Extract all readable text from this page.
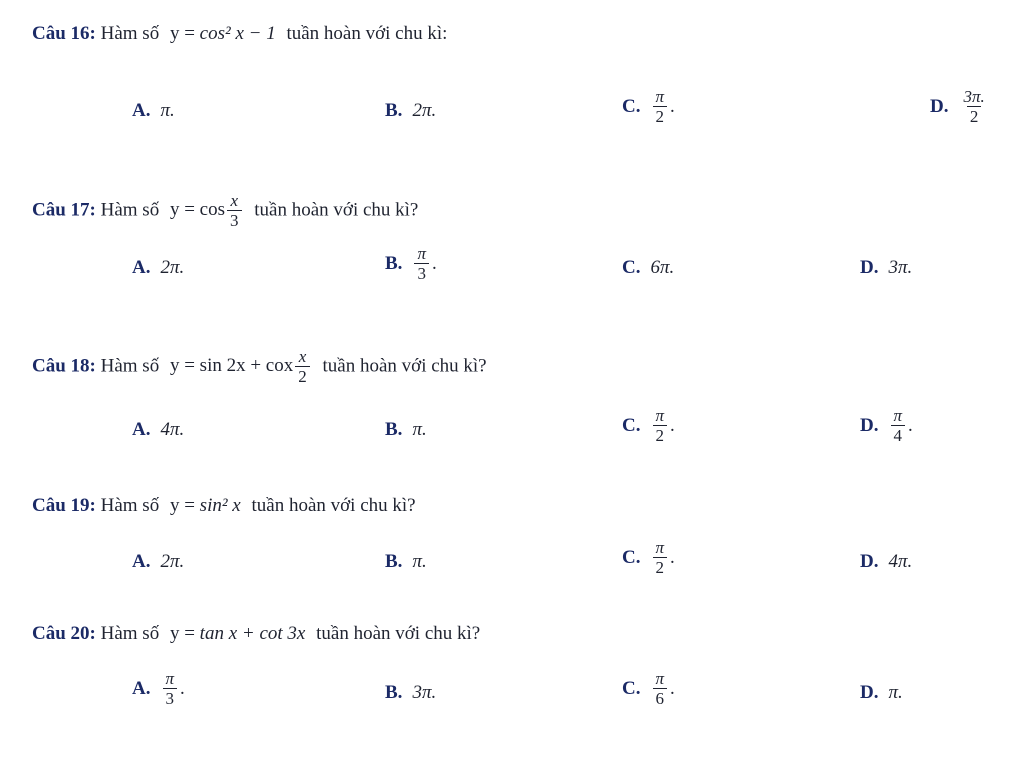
Câu 16: Hàm số y = cos² x − 1 tuần hoàn với chu kì:
A. π.	B. 2π.	C. $\frac{\pi}{2}$ .	D. $\frac{3\pi.}{2}$
Câu 17: Hàm số $y = \cos \frac{x}{3}$ tuần hoàn với chu kì?
A. 2π.	B. $\frac{\pi}{3}$ .	C. 6π.	D. 3π.
Câu 18: Hàm số y = sin 2x + cox $\frac{x}{2}$ tuần hoàn với chu kì?
A. 4π.	B. π.	C. $\frac{\pi}{2}$ .	D. $\frac{\pi}{4}$ .
Câu 19: Hàm số y = sin² x tuần hoàn với chu kì?
A. 2π.	B. π.	C. $\frac{\pi}{2}$ .	D. 4π.
Câu 20: Hàm số y = tan x + cot 3x tuần hoàn với chu kì?
A. $\frac{\pi}{3}$ .	B. 3π.	C. $\frac{\pi}{6}$ .	D. π.
